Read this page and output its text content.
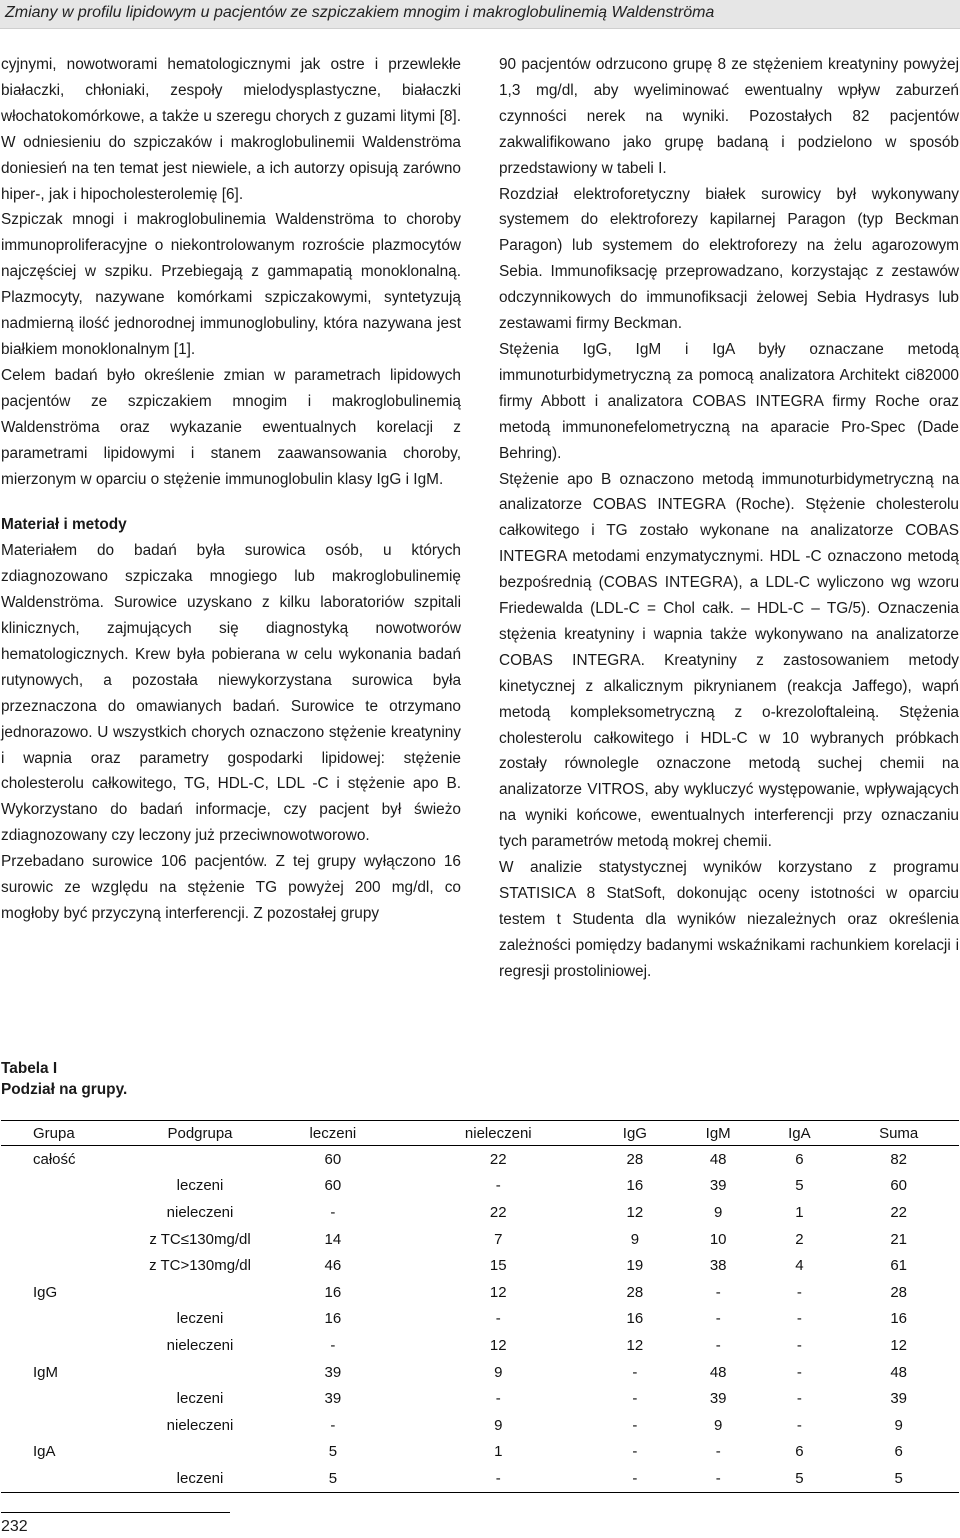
Zmiany w profilu lipidowym u pacjentów ze szpiczakiem mnogim i makroglobulinemią Waldenströma

cyjnymi, nowotworami hematologicznymi jak ostre i przewlekłe białaczki, chłoniaki, zespoły mielodysplastyczne, białaczki włochatokomórkowe, a także u szeregu chorych z guzami litymi [8]. W odniesieniu do szpiczaków i makroglobulinemii Waldenströma doniesień na ten temat jest niewiele, a ich autorzy opisują zarówno hiper-, jak i hipocholesterolemię [6].

Szpiczak mnogi i makroglobulinemia Waldenströma to choroby immunoproliferacyjne o niekontrolowanym rozroście plazmocytów najczęściej w szpiku. Przebiegają z gammapatią monoklonalną. Plazmocyty, nazywane komórkami szpiczakowymi, syntetyzują nadmierną ilość jednorodnej immunoglobuliny, która nazywana jest białkiem monoklonalnym [1].

Celem badań było określenie zmian w parametrach lipidowych pacjentów ze szpiczakiem mnogim i makroglobulinemią Waldenströma oraz wykazanie ewentualnych korelacji z parametrami lipidowymi i stanem zaawansowania choroby, mierzonym w oparciu o stężenie immunoglobulin klasy IgG i IgM.

Materiał i metody

Materiałem do badań była surowica osób, u których zdiagnozowano szpiczaka mnogiego lub makroglobulinemię Waldenströma. Surowice uzyskano z kilku laboratoriów szpitali klinicznych, zajmujących się diagnostyką nowotworów hematologicznych. Krew była pobierana w celu wykonania badań rutynowych, a pozostała niewykorzystana surowica była przeznaczona do omawianych badań. Surowice te otrzymano jednorazowo. U wszystkich chorych oznaczono stężenie kreatyniny i wapnia oraz parametry gospodarki lipidowej: stężenie cholesterolu całkowitego, TG, HDL-C, LDL -C i stężenie apo B. Wykorzystano do badań informacje, czy pacjent był świeżo zdiagnozowany czy leczony już przeciwnowotworowo.

Przebadano surowice 106 pacjentów. Z tej grupy wyłączono 16 surowic ze względu na stężenie TG powyżej 200 mg/dl, co mogłoby być przyczyną interferencji. Z pozostałej grupy

90 pacjentów odrzucono grupę 8 ze stężeniem kreatyniny powyżej 1,3 mg/dl, aby wyeliminować ewentualny wpływ zaburzeń czynności nerek na wyniki. Pozostałych 82 pacjentów zakwalifikowano jako grupę badaną i podzielono w sposób przedstawiony w tabeli I.

Rozdział elektroforetyczny białek surowicy był wykonywany systemem do elektroforezy kapilarnej Paragon (typ Beckman Paragon) lub systemem do elektroforezy na żelu agarozowym Sebia. Immunofiksację przeprowadzano, korzystając z zestawów odczynnikowych do immunofiksacji żelowej Sebia Hydrasys lub zestawami firmy Beckman.

Stężenia IgG, IgM i IgA były oznaczane metodą immunoturbidymetryczną za pomocą analizatora Architekt ci82000 firmy Abbott i analizatora COBAS INTEGRA firmy Roche oraz metodą immunonefelometryczną na aparacie Pro-Spec (Dade Behring).

Stężenie apo B oznaczono metodą immunoturbidymetryczną na analizatorze COBAS INTEGRA (Roche). Stężenie cholesterolu całkowitego i TG zostało wykonane na analizatorze COBAS INTEGRA metodami enzymatycznymi. HDL -C oznaczono metodą bezpośrednią (COBAS INTEGRA), a LDL-C wyliczono wg wzoru Friedewalda (LDL-C = Chol całk. – HDL-C – TG/5). Oznaczenia stężenia kreatyniny i wapnia także wykonywano na analizatorze COBAS INTEGRA. Kreatyniny z zastosowaniem metody kinetycznej z alkalicznym pikrynianem (reakcja Jaffego), wapń metodą kompleksometryczną z o-krezoloftaleiną. Stężenia cholesterolu całkowitego i HDL-C w 10 wybranych próbkach zostały równolegle oznaczone metodą suchej chemii na analizatorze VITROS, aby wykluczyć występowanie, wpływających na wyniki końcowe, ewentualnych interferencji przy oznaczaniu tych parametrów metodą mokrej chemii.

W analizie statystycznej wyników korzystano z programu STATISICA 8 StatSoft, dokonując oceny istotności w oparciu testem t Studenta dla wyników niezależnych oraz określenia zależności pomiędzy badanymi wskaźnikami rachunkiem korelacji i regresji prostoliniowej.

Tabela I
Podział na grupy.
Grupa	Podgrupa	leczeni	nieleczeni	IgG	IgM	IgA	Suma
całość		60	22	28	48	6	82
	leczeni	60	-	16	39	5	60
	nieleczeni	-	22	12	9	1	22
	z TC≤130mg/dl	14	7	9	10	2	21
	z TC>130mg/dl	46	15	19	38	4	61
IgG		16	12	28	-	-	28
	leczeni	16	-	16	-	-	16
	nieleczeni	-	12	12	-	-	12
IgM		39	9	-	48	-	48
	leczeni	39	-	-	39	-	39
	nieleczeni	-	9	-	9	-	9
IgA		5	1	-	-	6	6
	leczeni	5	-	-	-	5	5
232
